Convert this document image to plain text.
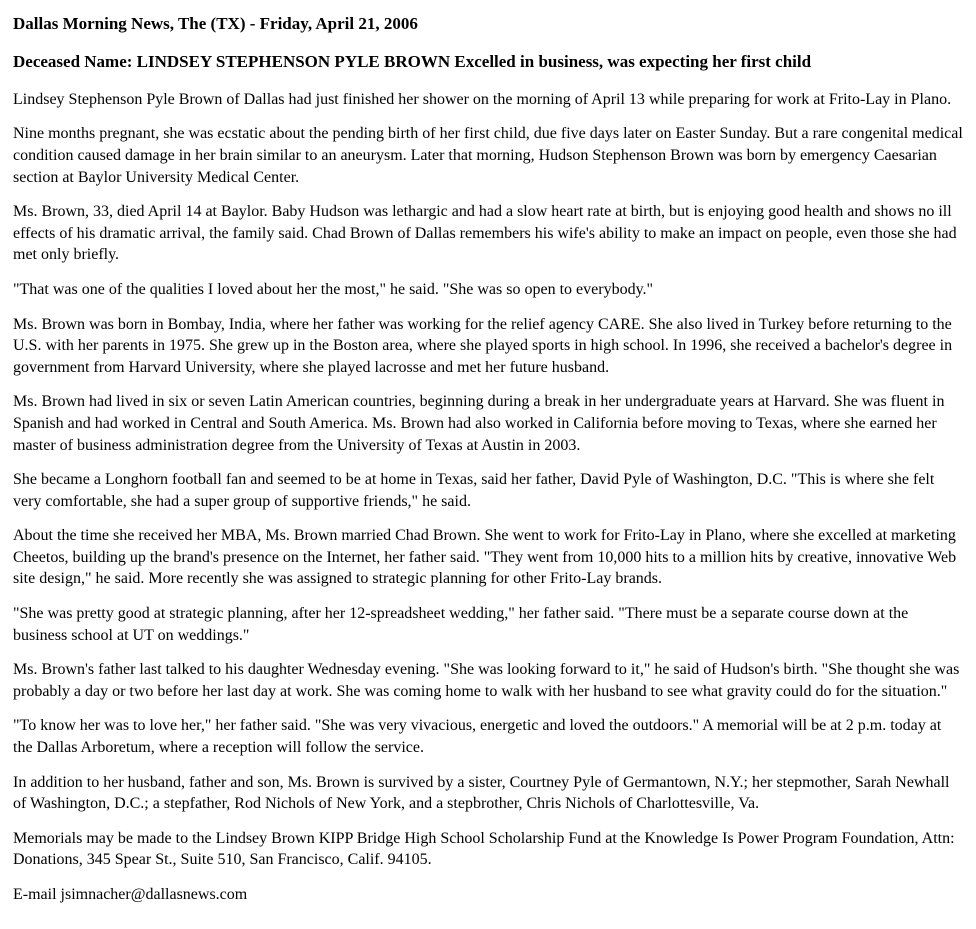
Dallas Morning News, The (TX) - Friday, April 21, 2006
Deceased Name: LINDSEY STEPHENSON PYLE BROWN Excelled in business, was expecting her first child

Lindsey Stephenson Pyle Brown of Dallas had just finished her shower on the morning of April 13 while preparing for work at Frito-Lay in Plano.

Nine months pregnant, she was ecstatic about the pending birth of her first child, due five days later on Easter Sunday. But a rare congenital medical condition caused damage in her brain similar to an aneurysm. Later that morning, Hudson Stephenson Brown was born by emergency Caesarian section at Baylor University Medical Center.

Ms. Brown, 33, died April 14 at Baylor. Baby Hudson was lethargic and had a slow heart rate at birth, but is enjoying good health and shows no ill effects of his dramatic arrival, the family said. Chad Brown of Dallas remembers his wife's ability to make an impact on people, even those she had met only briefly.

"That was one of the qualities I loved about her the most," he said. "She was so open to everybody."

Ms. Brown was born in Bombay, India, where her father was working for the relief agency CARE. She also lived in Turkey before returning to the U.S. with her parents in 1975. She grew up in the Boston area, where she played sports in high school. In 1996, she received a bachelor's degree in government from Harvard University, where she played lacrosse and met her future husband.

Ms. Brown had lived in six or seven Latin American countries, beginning during a break in her undergraduate years at Harvard. She was fluent in Spanish and had worked in Central and South America. Ms. Brown had also worked in California before moving to Texas, where she earned her master of business administration degree from the University of Texas at Austin in 2003.

She became a Longhorn football fan and seemed to be at home in Texas, said her father, David Pyle of Washington, D.C. "This is where she felt very comfortable, she had a super group of supportive friends," he said.

About the time she received her MBA, Ms. Brown married Chad Brown. She went to work for Frito-Lay in Plano, where she excelled at marketing Cheetos, building up the brand's presence on the Internet, her father said. "They went from 10,000 hits to a million hits by creative, innovative Web site design," he said. More recently she was assigned to strategic planning for other Frito-Lay brands.

"She was pretty good at strategic planning, after her 12-spreadsheet wedding," her father said. "There must be a separate course down at the business school at UT on weddings."

Ms. Brown's father last talked to his daughter Wednesday evening. "She was looking forward to it," he said of Hudson's birth. "She thought she was probably a day or two before her last day at work. She was coming home to walk with her husband to see what gravity could do for the situation."

"To know her was to love her," her father said. "She was very vivacious, energetic and loved the outdoors." A memorial will be at 2 p.m. today at the Dallas Arboretum, where a reception will follow the service.

In addition to her husband, father and son, Ms. Brown is survived by a sister, Courtney Pyle of Germantown, N.Y.; her stepmother, Sarah Newhall of Washington, D.C.; a stepfather, Rod Nichols of New York, and a stepbrother, Chris Nichols of Charlottesville, Va.

Memorials may be made to the Lindsey Brown KIPP Bridge High School Scholarship Fund at the Knowledge Is Power Program Foundation, Attn: Donations, 345 Spear St., Suite 510, San Francisco, Calif. 94105.

E-mail jsimnacher@dallasnews.com
